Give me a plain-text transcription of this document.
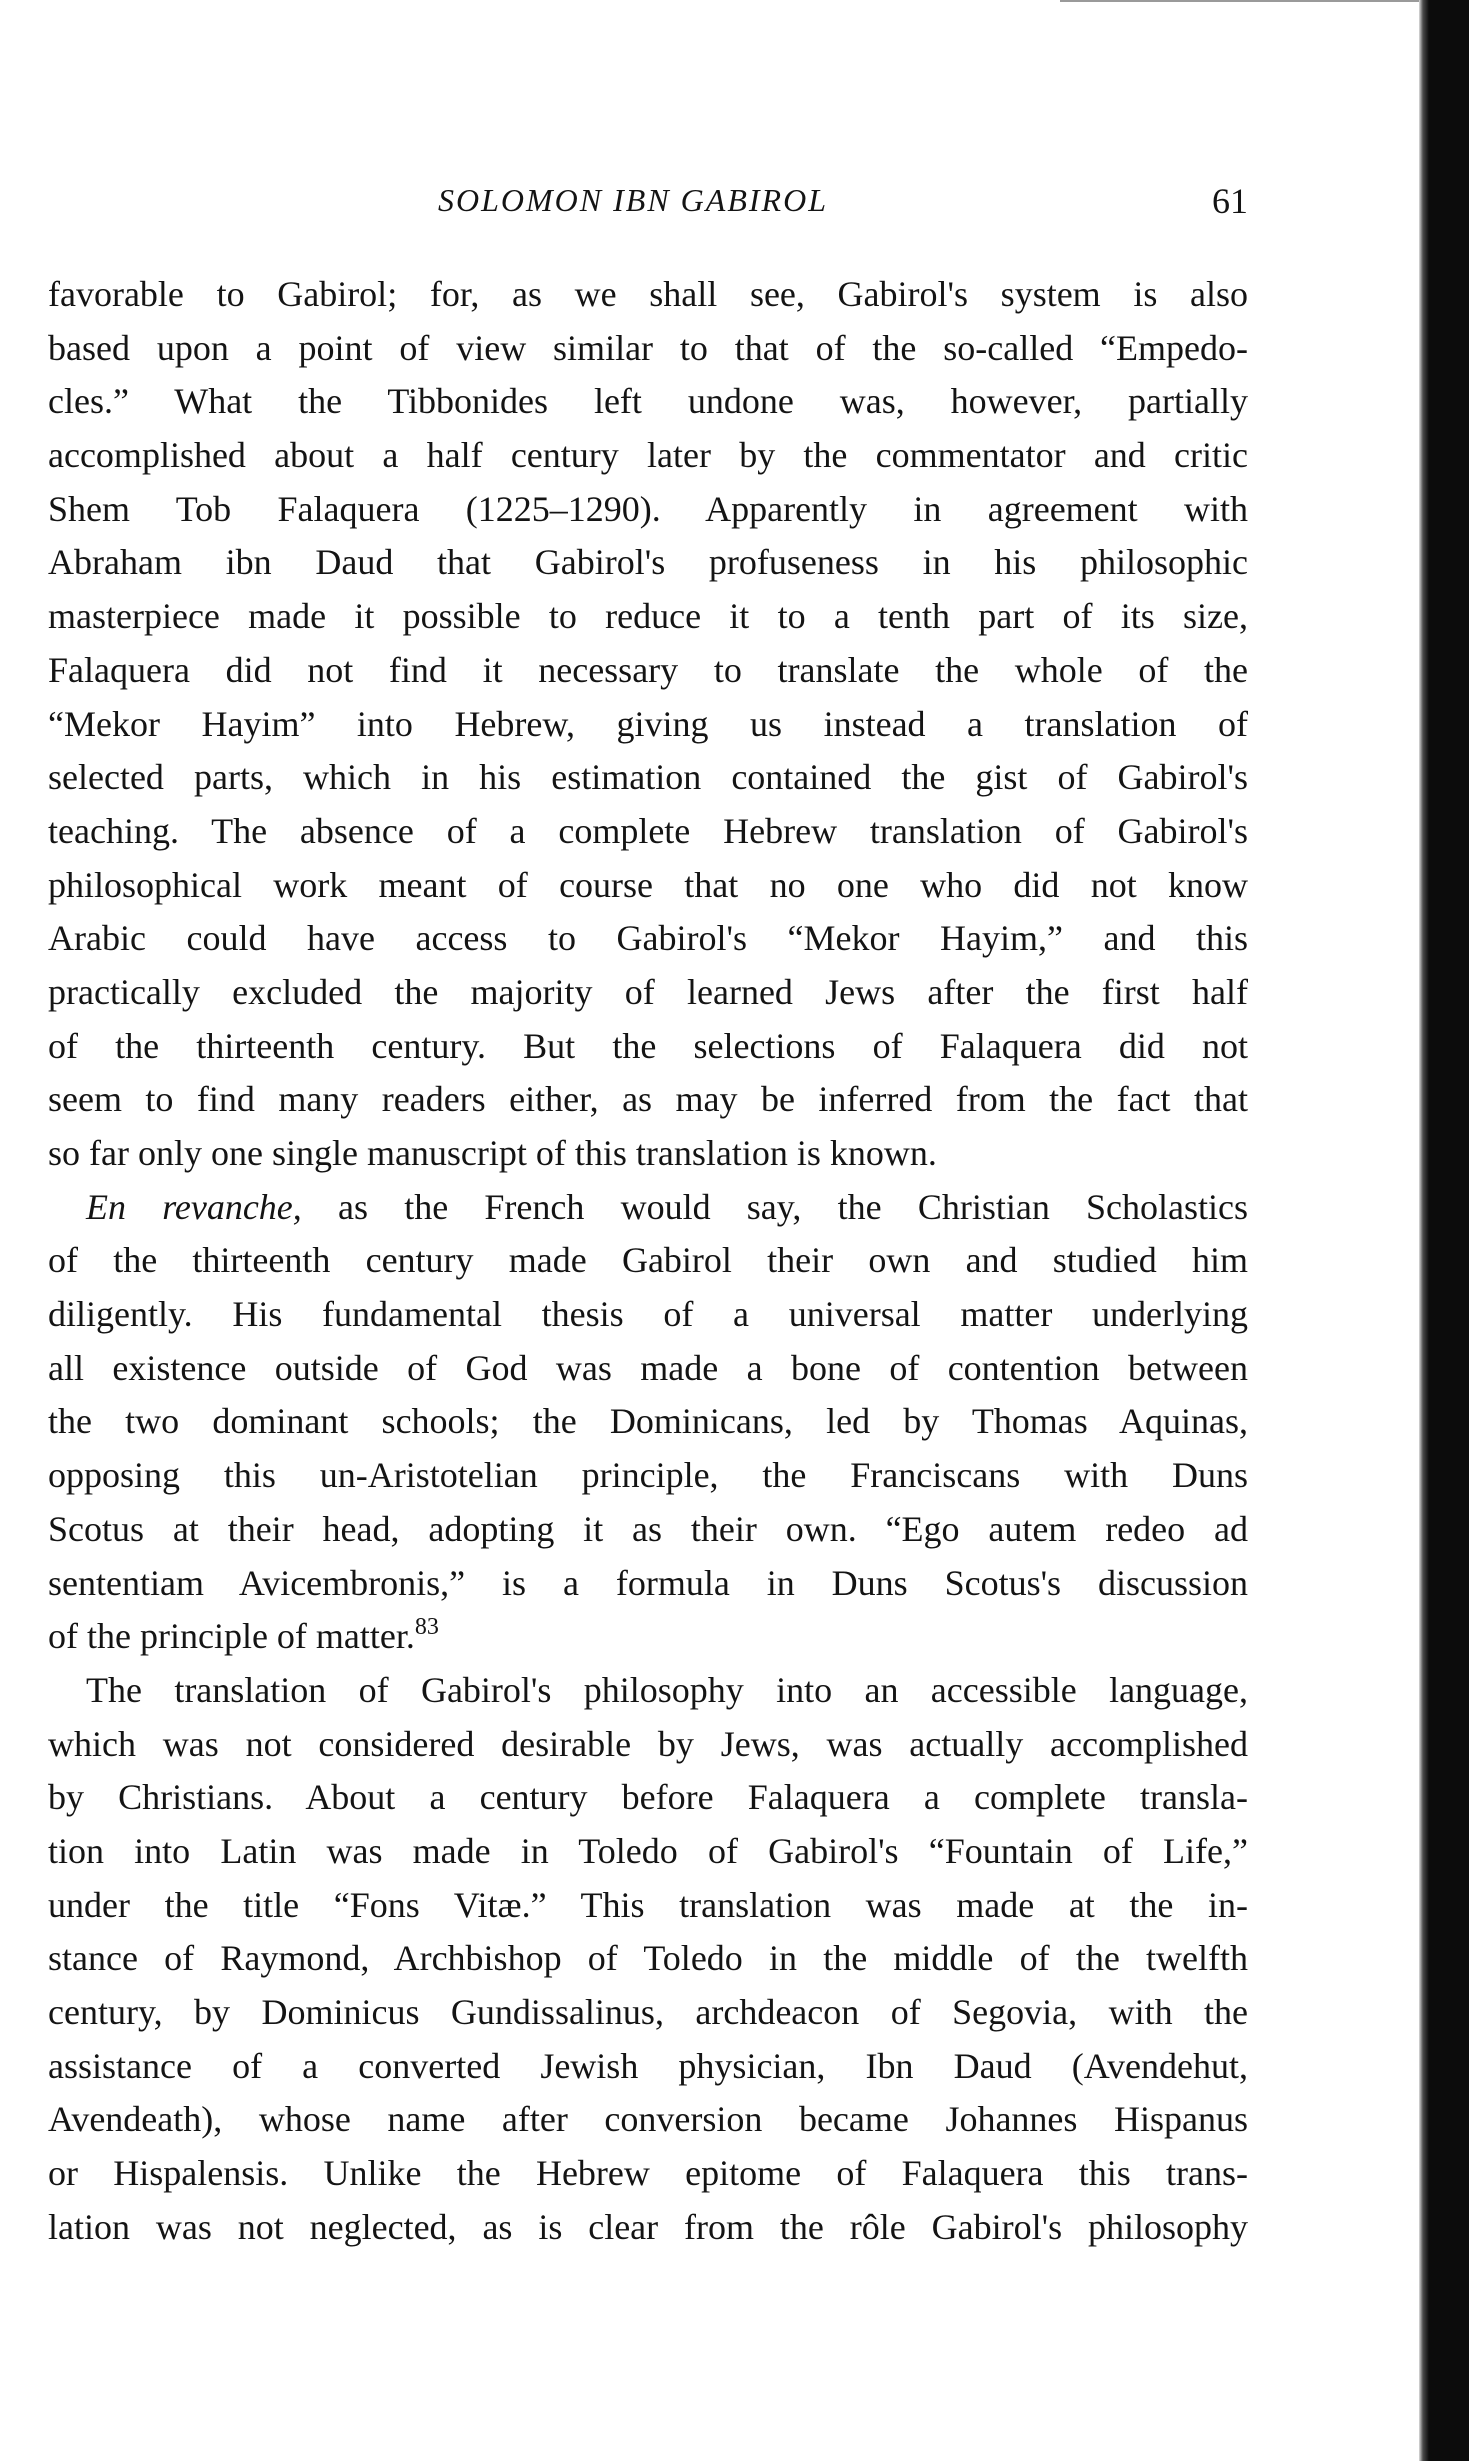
SOLOMON IBN GABIROL	61
favorable to Gabirol; for, as we shall see, Gabirol's system is also
based upon a point of view similar to that of the so-called “Empedo-
cles.” What the Tibbonides left undone was, however, partially
accomplished about a half century later by the commentator and critic
Shem Tob Falaquera (1225–1290). Apparently in agreement with
Abraham ibn Daud that Gabirol's profuseness in his philosophic
masterpiece made it possible to reduce it to a tenth part of its size,
Falaquera did not find it necessary to translate the whole of the
“Mekor Hayim” into Hebrew, giving us instead a translation of
selected parts, which in his estimation contained the gist of Gabirol's
teaching. The absence of a complete Hebrew translation of Gabirol's
philosophical work meant of course that no one who did not know
Arabic could have access to Gabirol's “Mekor Hayim,” and this
practically excluded the majority of learned Jews after the first half
of the thirteenth century. But the selections of Falaquera did not
seem to find many readers either, as may be inferred from the fact that
so far only one single manuscript of this translation is known.
En revanche, as the French would say, the Christian Scholastics
of the thirteenth century made Gabirol their own and studied him
diligently. His fundamental thesis of a universal matter underlying
all existence outside of God was made a bone of contention between
the two dominant schools; the Dominicans, led by Thomas Aquinas,
opposing this un-Aristotelian principle, the Franciscans with Duns
Scotus at their head, adopting it as their own. “Ego autem redeo ad
sententiam Avicembronis,” is a formula in Duns Scotus's discussion
of the principle of matter.$^{83}$
The translation of Gabirol's philosophy into an accessible language,
which was not considered desirable by Jews, was actually accomplished
by Christians. About a century before Falaquera a complete transla-
tion into Latin was made in Toledo of Gabirol's “Fountain of Life,”
under the title “Fons Vitæ.” This translation was made at the in-
stance of Raymond, Archbishop of Toledo in the middle of the twelfth
century, by Dominicus Gundissalinus, archdeacon of Segovia, with the
assistance of a converted Jewish physician, Ibn Daud (Avendehut,
Avendeath), whose name after conversion became Johannes Hispanus
or Hispalensis. Unlike the Hebrew epitome of Falaquera this trans-
lation was not neglected, as is clear from the rôle Gabirol's philosophy
